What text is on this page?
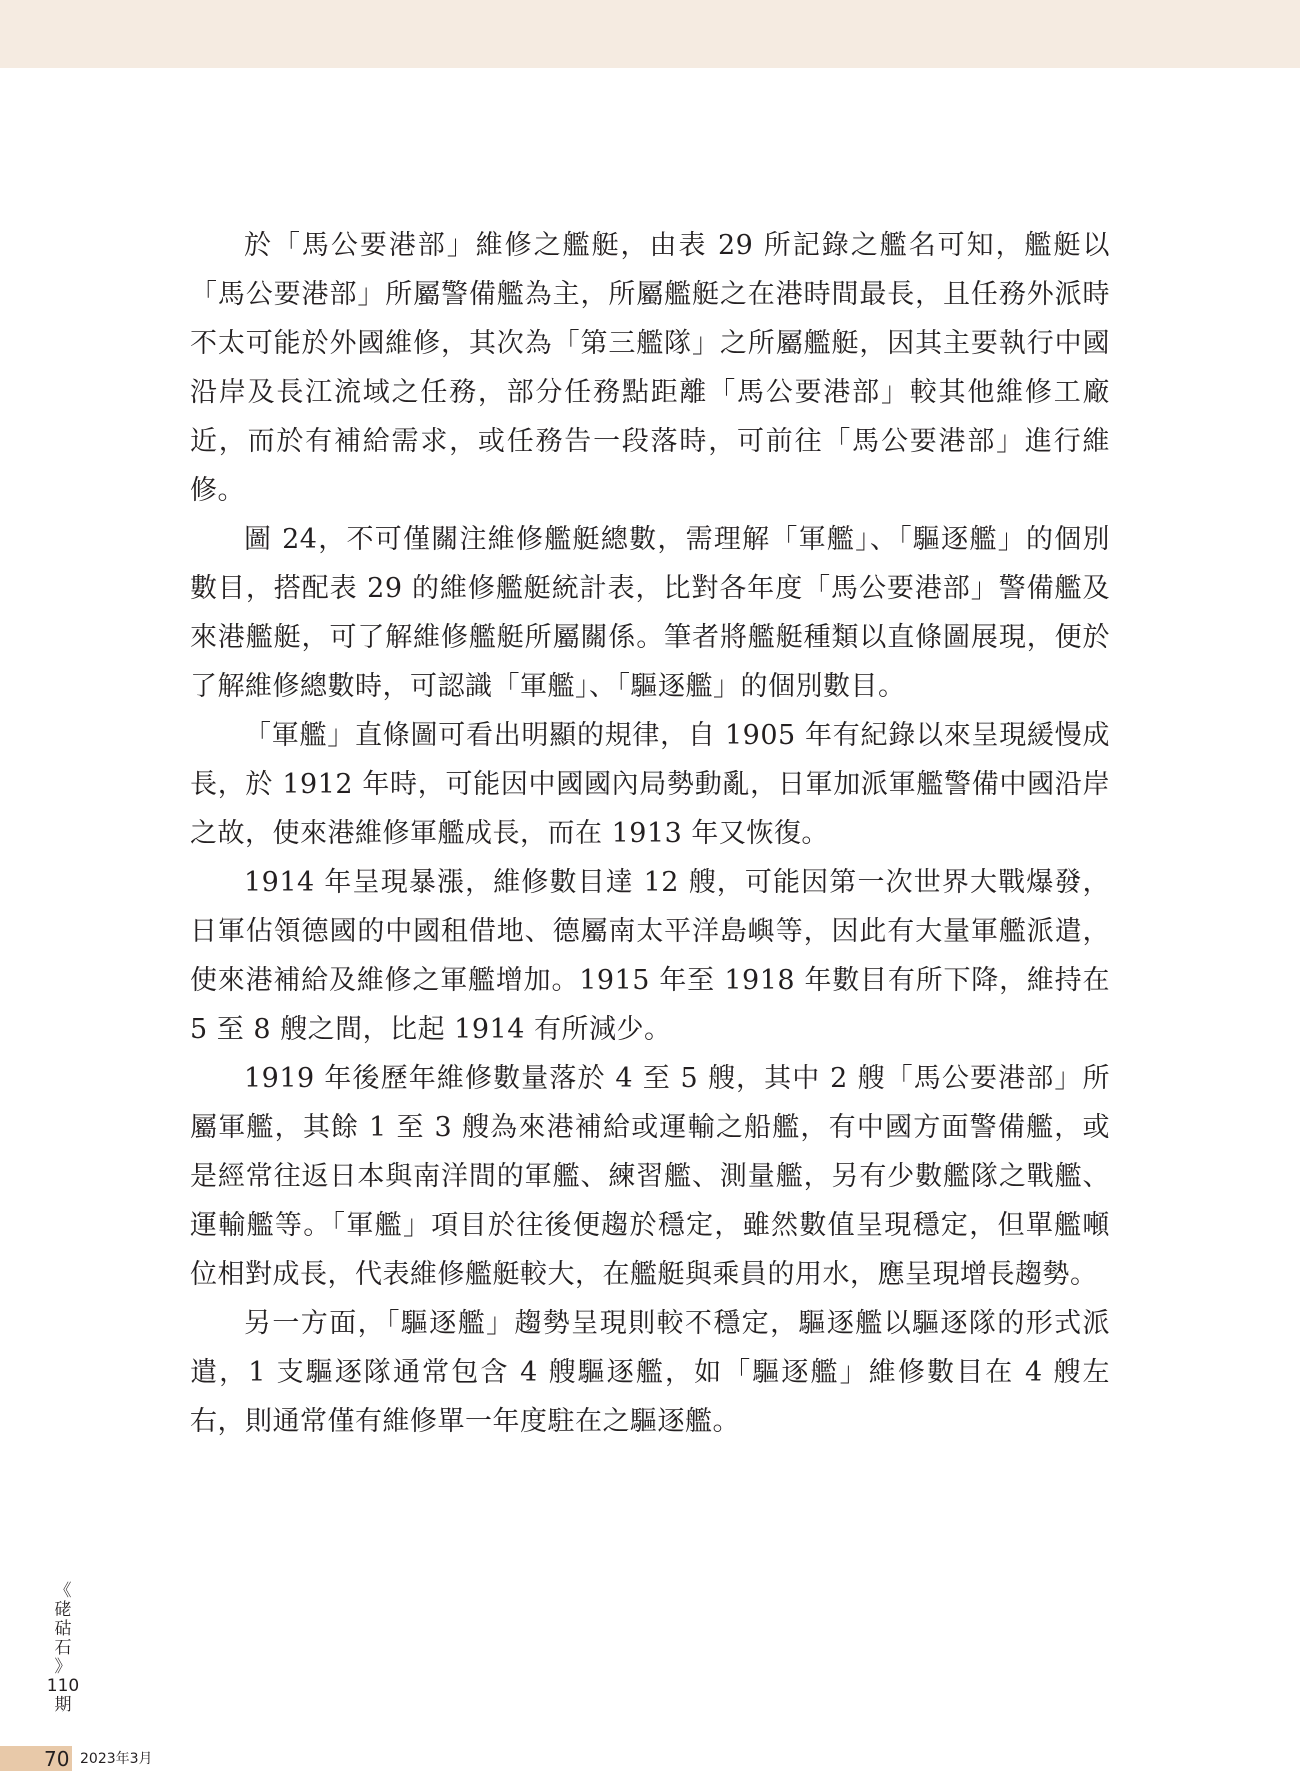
於「馬公要港部」維修之艦艇，由表 29 所記錄之艦名可知，艦艇以「馬公要港部」所屬警備艦為主，所屬艦艇之在港時間最長，且任務外派時不太可能於外國維修，其次為「第三艦隊」之所屬艦艇，因其主要執行中國沿岸及長江流域之任務，部分任務點距離「馬公要港部」較其他維修工廠近，而於有補給需求，或任務告一段落時，可前往「馬公要港部」進行維修。

圖 24，不可僅關注維修艦艇總數，需理解「軍艦」、「驅逐艦」的個別數目，搭配表 29 的維修艦艇統計表，比對各年度「馬公要港部」警備艦及來港艦艇，可了解維修艦艇所屬關係。筆者將艦艇種類以直條圖展現，便於了解維修總數時，可認識「軍艦」、「驅逐艦」的個別數目。

「軍艦」直條圖可看出明顯的規律，自 1905 年有紀錄以來呈現緩慢成長，於 1912 年時，可能因中國國內局勢動亂，日軍加派軍艦警備中國沿岸之故，使來港維修軍艦成長，而在 1913 年又恢復。

1914 年呈現暴漲，維修數目達 12 艘，可能因第一次世界大戰爆發，日軍佔領德國的中國租借地、德屬南太平洋島嶼等，因此有大量軍艦派遣，使來港補給及維修之軍艦增加。1915 年至 1918 年數目有所下降，維持在 5 至 8 艘之間，比起 1914 有所減少。

1919 年後歷年維修數量落於 4 至 5 艘，其中 2 艘「馬公要港部」所屬軍艦，其餘 1 至 3 艘為來港補給或運輸之船艦，有中國方面警備艦，或是經常往返日本與南洋間的軍艦、練習艦、測量艦，另有少數艦隊之戰艦、運輸艦等。「軍艦」項目於往後便趨於穩定，雖然數值呈現穩定，但單艦噸位相對成長，代表維修艦艇較大，在艦艇與乘員的用水，應呈現增長趨勢。

另一方面，「驅逐艦」趨勢呈現則較不穩定，驅逐艦以驅逐隊的形式派遣，1 支驅逐隊通常包含 4 艘驅逐艦，如「驅逐艦」維修數目在 4 艘左右，則通常僅有維修單一年度駐在之驅逐艦。

《
硓
𥑮
石
》
110
期
70 2023年3月
